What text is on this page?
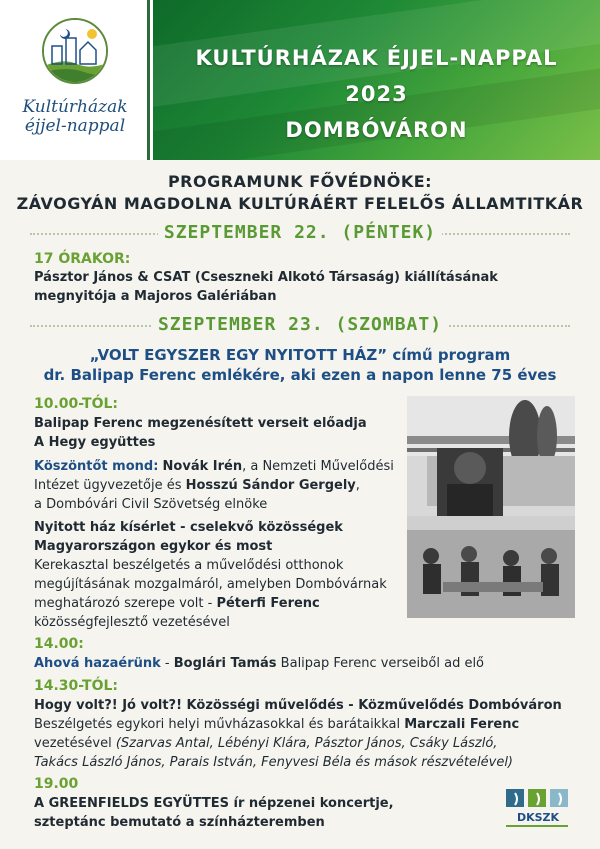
Kultúrházak
éjjel-nappal
KULTÚRHÁZAK ÉJJEL-NAPPAL
2023
DOMBÓVÁRON
PROGRAMUNK FŐVÉDNÖKE:
ZÁVOGYÁN MAGDOLNA KULTÚRÁÉRT FELELŐS ÁLLAMTITKÁR
SZEPTEMBER 22. (PÉNTEK)
17 ÓRAKOR:
Pásztor János & CSAT (Cseszneki Alkotó Társaság) kiállításának
megnyitója a Majoros Galériában
SZEPTEMBER 23. (SZOMBAT)
„VOLT EGYSZER EGY NYITOTT HÁZ” című program
dr. Balipap Ferenc emlékére, aki ezen a napon lenne 75 éves
10.00-TÓL:
Balipap Ferenc megzenésített verseit előadja
A Hegy együttes
Köszöntőt mond: Novák Irén, a Nemzeti Művelődési
Intézet ügyvezetője és Hosszú Sándor Gergely,
a Dombóvári Civil Szövetség elnöke
Nyitott ház kísérlet - cselekvő közösségek
Magyarországon egykor és most
Kerekasztal beszélgetés a művelődési otthonok
megújításának mozgalmáról, amelyben Dombóvárnak
meghatározó szerepe volt - Péterfi Ferenc
közösségfejlesztő vezetésével
14.00:
Ahová hazaérünk - Boglári Tamás Balipap Ferenc verseiből ad elő
14.30-TÓL:
Hogy volt?! Jó volt?! Közösségi művelődés - Közművelődés Dombóváron
Beszélgetés egykori helyi művházasokkal és barátaikkal Marczali Ferenc
vezetésével (Szarvas Antal, Lébényi Klára, Pásztor János, Csáky László,
Takács László János, Parais István, Fenyvesi Béla és mások részvételével)
19.00
A GREENFIELDS EGYÜTTES ír népzenei koncertje,
szteptánc bemutató a színházteremben	DKSZK
